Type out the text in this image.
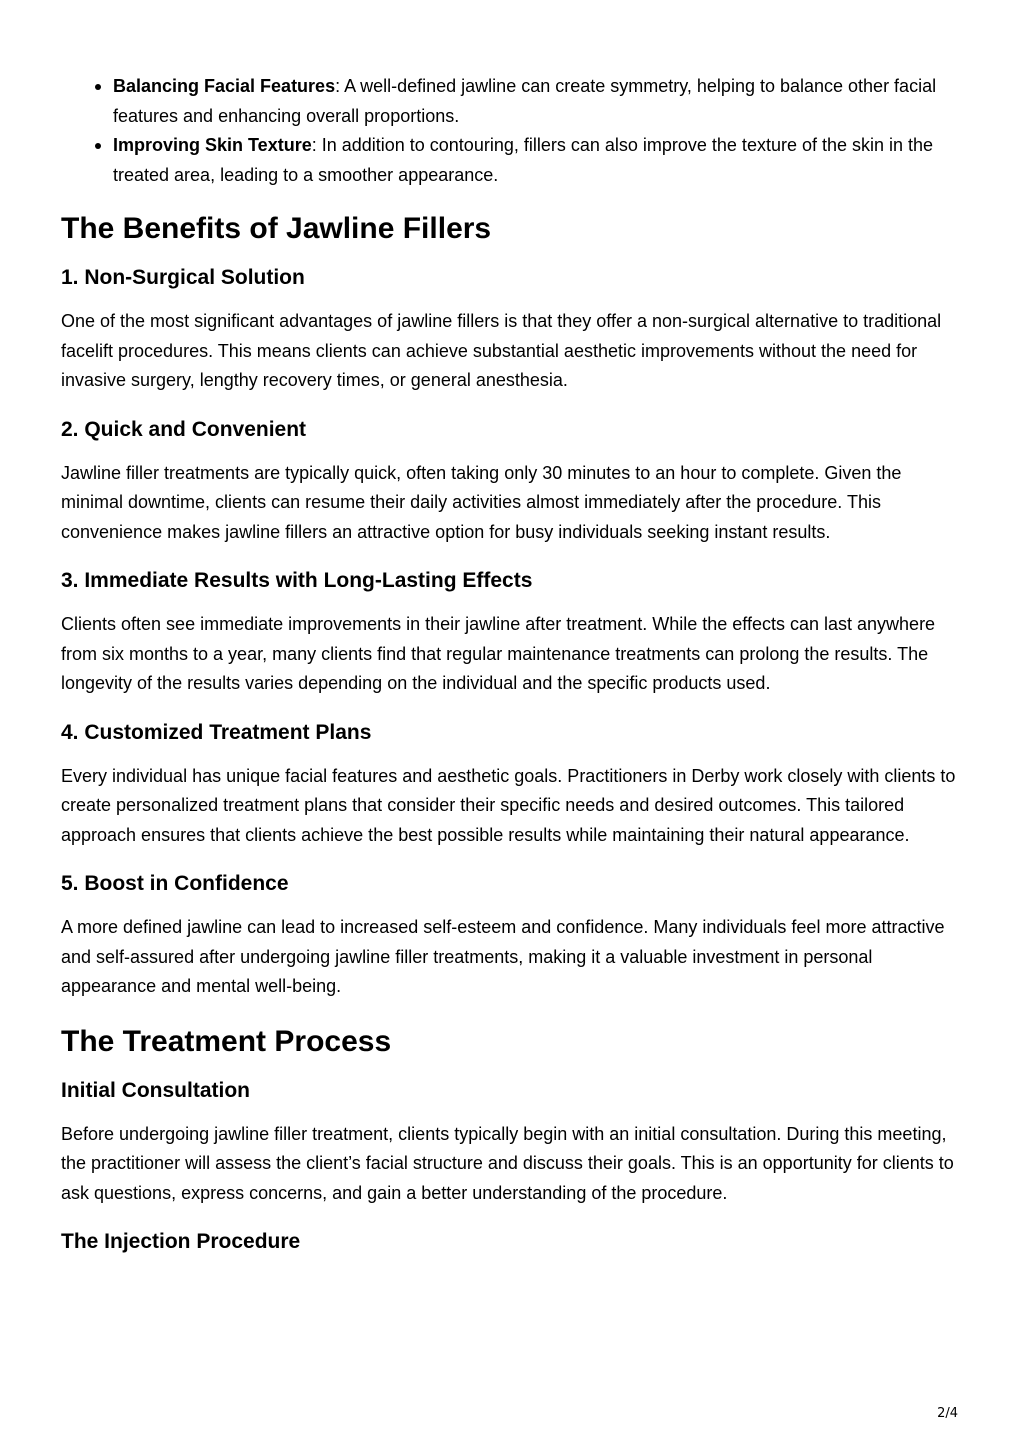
Balancing Facial Features: A well-defined jawline can create symmetry, helping to balance other facial features and enhancing overall proportions.
Improving Skin Texture: In addition to contouring, fillers can also improve the texture of the skin in the treated area, leading to a smoother appearance.
The Benefits of Jawline Fillers
1. Non-Surgical Solution

One of the most significant advantages of jawline fillers is that they offer a non-surgical alternative to traditional facelift procedures. This means clients can achieve substantial aesthetic improvements without the need for invasive surgery, lengthy recovery times, or general anesthesia.

2. Quick and Convenient

Jawline filler treatments are typically quick, often taking only 30 minutes to an hour to complete. Given the minimal downtime, clients can resume their daily activities almost immediately after the procedure. This convenience makes jawline fillers an attractive option for busy individuals seeking instant results.

3. Immediate Results with Long-Lasting Effects

Clients often see immediate improvements in their jawline after treatment. While the effects can last anywhere from six months to a year, many clients find that regular maintenance treatments can prolong the results. The longevity of the results varies depending on the individual and the specific products used.

4. Customized Treatment Plans

Every individual has unique facial features and aesthetic goals. Practitioners in Derby work closely with clients to create personalized treatment plans that consider their specific needs and desired outcomes. This tailored approach ensures that clients achieve the best possible results while maintaining their natural appearance.

5. Boost in Confidence

A more defined jawline can lead to increased self-esteem and confidence. Many individuals feel more attractive and self-assured after undergoing jawline filler treatments, making it a valuable investment in personal appearance and mental well-being.

The Treatment Process
Initial Consultation

Before undergoing jawline filler treatment, clients typically begin with an initial consultation. During this meeting, the practitioner will assess the client’s facial structure and discuss their goals. This is an opportunity for clients to ask questions, express concerns, and gain a better understanding of the procedure.

The Injection Procedure
2/4
